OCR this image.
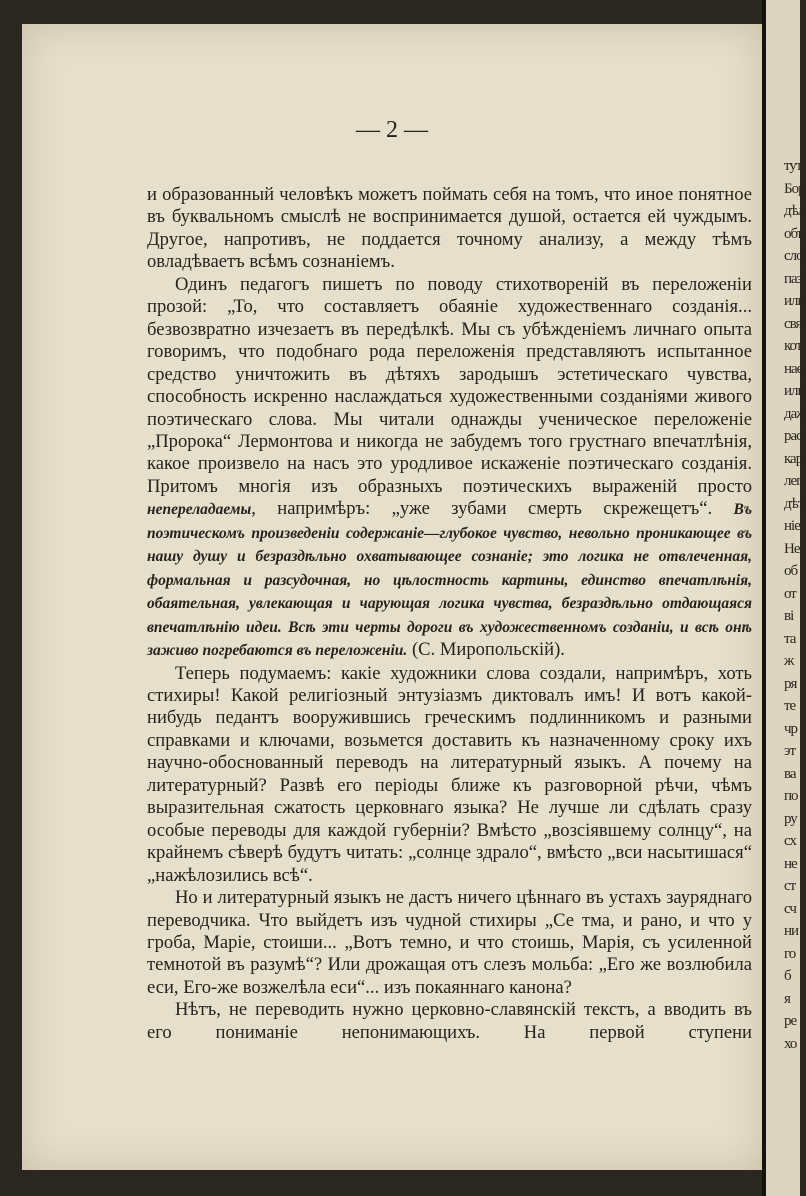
— 2 —

и образованный человѣкъ можетъ поймать себя на томъ, что иное понятное въ буквальномъ смыслѣ не воспринимается душой, остается ей чуждымъ. Другое, напротивъ, не поддается точному анализу, а между тѣмъ овладѣваетъ всѣмъ сознаніемъ.

Одинъ педагогъ пишетъ по поводу стихотвореній въ переложеніи прозой: „То, что составляетъ обаяніе художественнаго созданія... безвозвратно изчезаетъ въ передѣлкѣ. Мы съ убѣжденіемъ личнаго опыта говоримъ, что подобнаго рода переложенія представляютъ испытанное средство уничтожить въ дѣтяхъ зародышъ эстетическаго чувства, способность искренно наслаждаться художественными созданіями живого поэтическаго слова. Мы читали однажды ученическое переложеніе „Пророка“ Лермонтова и никогда не забудемъ того грустнаго впечатлѣнія, какое произвело на насъ это уродливое искаженіе поэтическаго созданія. Притомъ многія изъ образныхъ поэтическихъ выраженій просто непереладаемы, напримѣръ: „уже зубами смерть скрежещетъ“. Въ поэтическомъ произведеніи содержаніе—глубокое чувство, невольно проникающее въ нашу душу и безраздѣльно охватывающее сознаніе; это логика не отвлеченная, формальная и разсудочная, но цѣлостность картины, единство впечатлѣнія, обаятельная, увлекающая и чарующая логика чувства, безраздѣльно отдающаяся впечатлѣнію идеи. Всѣ эти черты дороги въ художественномъ созданіи, и всѣ онѣ заживо погребаются въ переложеніи. (С. Миропольскій).

Теперь подумаемъ: какіе художники слова создали, напримѣръ, хоть стихиры! Какой религіозный энтузіазмъ диктовалъ имъ! И вотъ какой-нибудь педантъ вооружившись греческимъ подлинникомъ и разными справками и ключами, возьмется доставить къ назначенному сроку ихъ научно-обоснованный переводъ на литературный языкъ. А почему на литературный? Развѣ его періоды ближе къ разговорной рѣчи, чѣмъ выразительная сжатость церковнаго языка? Не лучше ли сдѣлать сразу особые переводы для каждой губерніи? Вмѣсто „возсіявшему солнцу“, на крайнемъ сѣверѣ будутъ читать: „солнце здрало“, вмѣсто „вси насытишася“ „нажѣлозились всѣ“.

Но и литературный языкъ не дастъ ничего цѣннаго въ устахъ зауряднаго переводчика. Что выйдетъ изъ чудной стихиры „Се тма, и рано, и что у гроба, Маріе, стоиши... „Вотъ темно, и что стоишь, Марія, съ усиленной темнотой въ разумѣ“? Или дрожащая отъ слезъ мольба: „Его же возлюбила еси, Его-же возжелѣла еси“... изъ покаяннаго канона?

Нѣтъ, не переводить нужно церковно-славянскій текстъ, а вводить въ его пониманіе непонимающихъ. На первой ступени

тут
Бор
дѣл
объ
сло
паз
или
связ
кот
нае
или
даж
рас
кар
лег
дѣт
ніе
Не
об
от
ві
та
ж
ря
те
чр
эт
ва
по
ру
сх
не
ст
сч
ни
го
б
я
ре
хо
